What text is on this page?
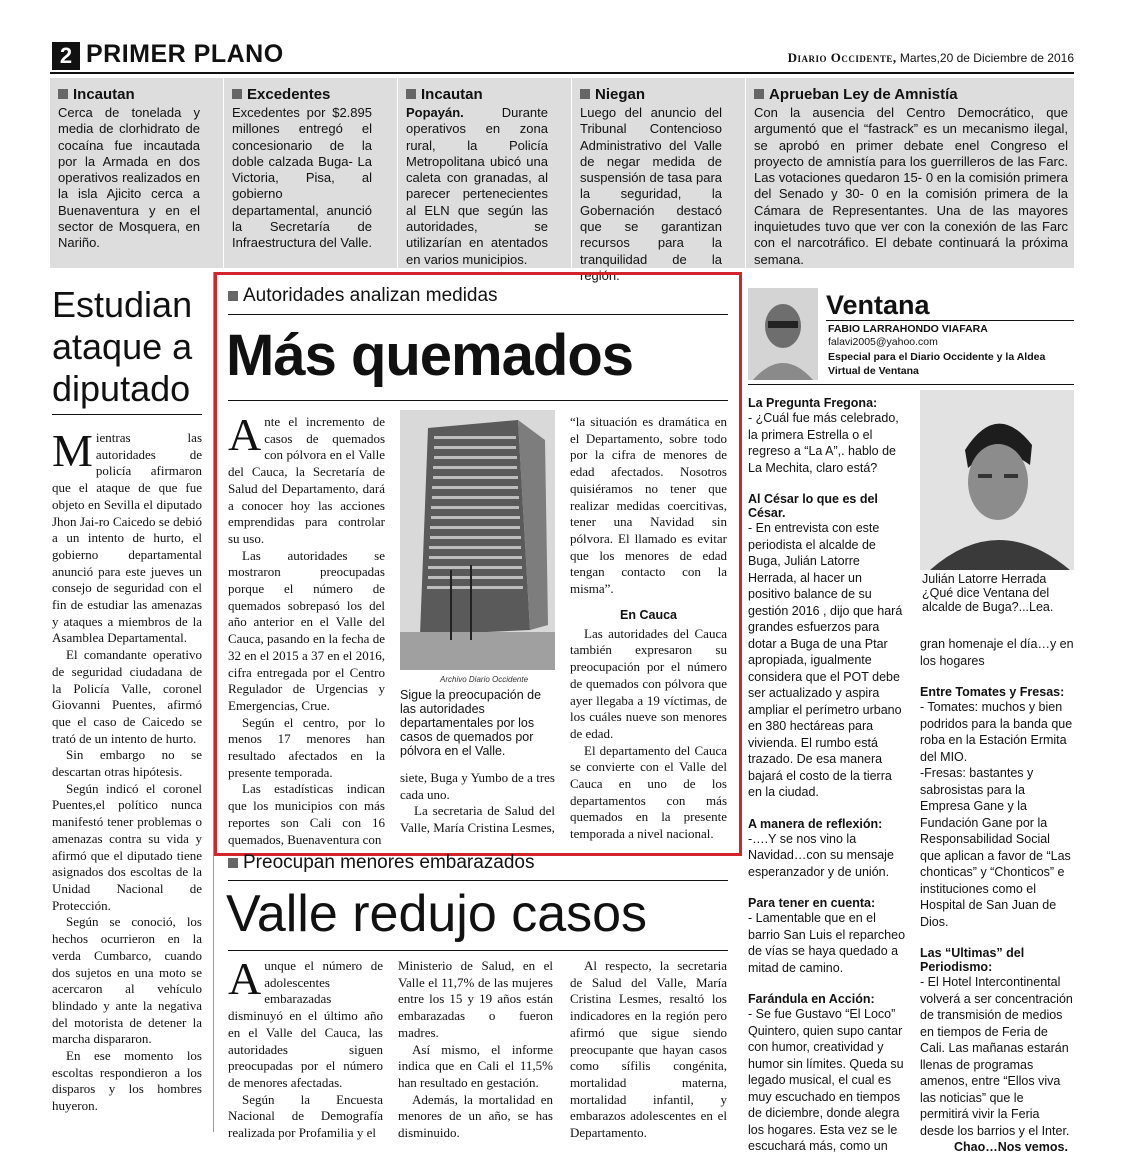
2 PRIMER PLANO	Diario Occidente, Martes,20 de Diciembre de 2016
Incautan

Cerca de tonelada y media de clorhidrato de cocaína fue incautada por la Armada en dos operativos realizados en la isla Ajicito cerca a Buenaventura y en el sector de Mosquera, en Nariño.

Excedentes

Excedentes por $2.895 millones entregó el concesionario de la doble calzada Buga- La Victoria, Pisa, al gobierno departamental, anunció la Secretaría de Infraestructura del Valle.

Incautan

Popayán.	Durante operativos en zona rural, la Policía Metropolitana ubicó una caleta con granadas, al parecer pertenecientes al ELN que según las autoridades, se utilizarían en atentados en varios municipios.

Niegan

Luego del anuncio del Tribunal Contencioso Administrativo del Valle de negar medida de suspensión de tasa para la seguridad, la Gobernación destacó que se garantizan recursos para la tranquilidad de la región.

Aprueban Ley de Amnistía

Con la ausencia del Centro Democrático, que argumentó que el “fastrack” es un mecanismo ilegal, se aprobó en primer debate enel Congreso el proyecto de amnistía para los guerrilleros de las Farc. Las votaciones quedaron 15- 0 en la comisión primera del Senado y 30- 0 en la comisión primera de la Cámara de Representantes. Una de las mayores inquietudes tuvo que ver con la conexión de las Farc con el narcotráfico. El debate continuará la próxima semana.

Estudian ataque a diputado

Mientras las autoridades de policía afirmaron que el ataque de que fue objeto en Sevilla el diputado Jhon Jai-ro Caicedo se debió a un intento de hurto, el gobierno departamental anunció para este jueves un consejo de seguridad con el fin de estudiar las amenazas y ataques a miembros de la Asamblea Departamental.

El comandante operativo de seguridad ciudadana de la Policía Valle, coronel Giovanni Puentes, afirmó que el caso de Caicedo se trató de un intento de hurto.

Sin embargo no se descartan otras hipótesis.

Según indicó el coronel Puentes,el político nunca manifestó tener problemas o amenazas contra su vida y afirmó que el diputado tiene asignados dos escoltas de la Unidad Nacional de Protección.

Según se conoció, los hechos ocurrieron en la verda Cumbarco, cuando dos sujetos en una moto se acercaron al vehículo blindado y ante la negativa del motorista de detener la marcha dispararon.

En ese momento los escoltas respondieron a los disparos y los hombres huyeron.

Autoridades analizan medidas
Más quemados

Ante el incremento de casos de quemados con pólvora en el Valle del Cauca, la Secretaría de Salud del Departamento, dará a conocer hoy las acciones emprendidas para controlar su uso.

Las autoridades se mostraron preocupadas porque el número de quemados sobrepasó los del año anterior en el Valle del Cauca, pasando en la fecha de 32 en el 2015 a 37 en el 2016, cifra entregada por el Centro Regulador de Urgencias y Emergencias, Crue.

Según el centro, por lo menos 17 menores han resultado afectados en la presente temporada.

Las estadísticas indican que los municipios con más reportes son Cali con 16 quemados, Buenaventura con

Archivo Diario Occidente
Sigue la preocupación de las autoridades departamentales por los casos de quemados por pólvora en el Valle.

siete, Buga y Yumbo de a tres cada uno.

La secretaria de Salud del Valle, María Cristina Lesmes,

“la situación es dramática en el Departamento, sobre todo por la cifra de menores de edad afectados. Nosotros quisiéramos no tener que realizar medidas coercitivas, tener una Navidad sin pólvora. El llamado es evitar que los menores de edad tengan contacto con la misma”.

En Cauca

Las autoridades del Cauca también expresaron su preocupación por el número de quemados con pólvora que ayer llegaba a 19 víctimas, de los cuáles nueve son menores de edad.

El departamento del Cauca se convierte con el Valle del Cauca en uno de los departamentos con más quemados en la presente temporada a nivel nacional.

Preocupan menores embarazados
Valle redujo casos

Aunque el número de adolescentes embarazadas disminuyó en el último año en el Valle del Cauca, las autoridades siguen preocupadas por el número de menores afectadas.

Según la Encuesta Nacional de Demografía realizada por Profamilia y el

Ministerio de Salud, en el Valle el 11,7% de las mujeres entre los 15 y 19 años están embarazadas o fueron madres.

Así mismo, el informe indica que en Cali el 11,5% han resultado en gestación.

Además, la mortalidad en menores de un año, se has disminuido.

Al respecto, la secretaria de Salud del Valle, María Cristina Lesmes, resaltó los indicadores en la región pero afirmó que sigue siendo preocupante que hayan casos como sífilis congénita, mortalidad materna, mortalidad infantil, y embarazos adolescentes en el Departamento.

Ventana
FABIO LARRAHONDO VIAFARA
falavi2005@yahoo.com
Especial para el Diario Occidente y la Aldea Virtual de Ventana
La Pregunta Fregona:

- ¿Cuál fue más celebrado, la primera Estrella o el regreso a “La A”,. hablo de La Mechita, claro está?

Al César lo que es del César.

- En entrevista con este periodista el alcalde de Buga, Julián Latorre Herrada, al hacer un positivo balance de su gestión 2016 , dijo que hará grandes esfuerzos para dotar a Buga de una Ptar apropiada, igualmente considera que el POT debe ser actualizado y aspira ampliar el perímetro urbano en 380 hectáreas para vivienda. El rumbo está trazado. De esa manera bajará el costo de la tierra en la ciudad.

A manera de reflexión:

-….Y se nos vino la Navidad…con su mensaje esperanzador y de unión.

Para tener en cuenta:

- Lamentable que en el barrio San Luis el reparcheo de vías se haya quedado a mitad de camino.

Farándula en Acción:

- Se fue Gustavo “El Loco” Quintero, quien supo cantar con humor, creatividad y humor sin límites. Queda su legado musical, el cual es muy escuchado en tiempos de diciembre, donde alegra los hogares. Esta vez se le escuchará más, como un

Julián Latorre Herrada ¿Qué dice Ventana del alcalde de Buga?...Lea.

gran homenaje el día…y en los hogares

Entre Tomates y Fresas:

- Tomates: muchos y bien podridos para la banda que roba en la Estación Ermita del MIO.

-Fresas: bastantes y sabrosistas para la Empresa Gane y la Fundación Gane por la Responsabilidad Social que aplican a favor de “Las chonticas” y “Chonticos” e instituciones como el Hospital de San Juan de Dios.

Las “Ultimas” del Periodismo:

- El Hotel Intercontinental volverá a ser concentración de transmisión de medios en tiempos de Feria de Cali. Las mañanas estarán llenas de programas amenos, entre “Ellos viva las noticias” que le permitirá vivir la Feria desde los barrios y el Inter.

Chao…Nos vemos.
